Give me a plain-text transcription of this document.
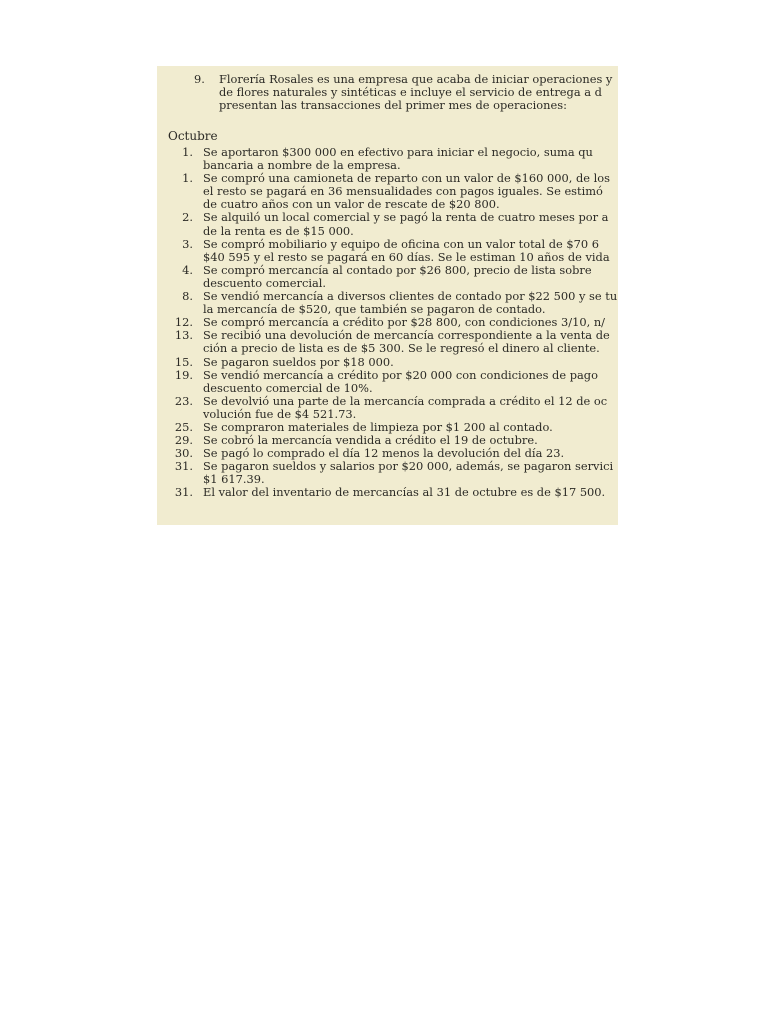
9. Florería Rosales es una empresa que acaba de iniciar operaciones y
de flores naturales y sintéticas e incluye el servicio de entrega a d
presentan las transacciones del primer mes de operaciones:
Octubre
1. Se aportaron $300 000 en efectivo para iniciar el negocio, suma qu
bancaria a nombre de la empresa.
1. Se compró una camioneta de reparto con un valor de $160 000, de los
el resto se pagará en 36 mensualidades con pagos iguales. Se estimó
de cuatro años con un valor de rescate de $20 800.
2. Se alquiló un local comercial y se pagó la renta de cuatro meses por a
de la renta es de $15 000.
3. Se compró mobiliario y equipo de oficina con un valor total de $70 6
$40 595 y el resto se pagará en 60 días. Se le estiman 10 años de vida
4. Se compró mercancía al contado por $26 800, precio de lista sobre
descuento comercial.
8. Se vendió mercancía a diversos clientes de contado por $22 500 y se tu
la mercancía de $520, que también se pagaron de contado.
12. Se compró mercancía a crédito por $28 800, con condiciones 3/10, n/
13. Se recibió una devolución de mercancía correspondiente a la venta de
ción a precio de lista es de $5 300. Se le regresó el dinero al cliente.
15. Se pagaron sueldos por $18 000.
19. Se vendió mercancía a crédito por $20 000 con condiciones de pago
descuento comercial de 10%.
23. Se devolvió una parte de la mercancía comprada a crédito el 12 de oc
volución fue de $4 521.73.
25. Se compraron materiales de limpieza por $1 200 al contado.
29. Se cobró la mercancía vendida a crédito el 19 de octubre.
30. Se pagó lo comprado el día 12 menos la devolución del día 23.
31. Se pagaron sueldos y salarios por $20 000, además, se pagaron servici
$1 617.39.
31. El valor del inventario de mercancías al 31 de octubre es de $17 500.
